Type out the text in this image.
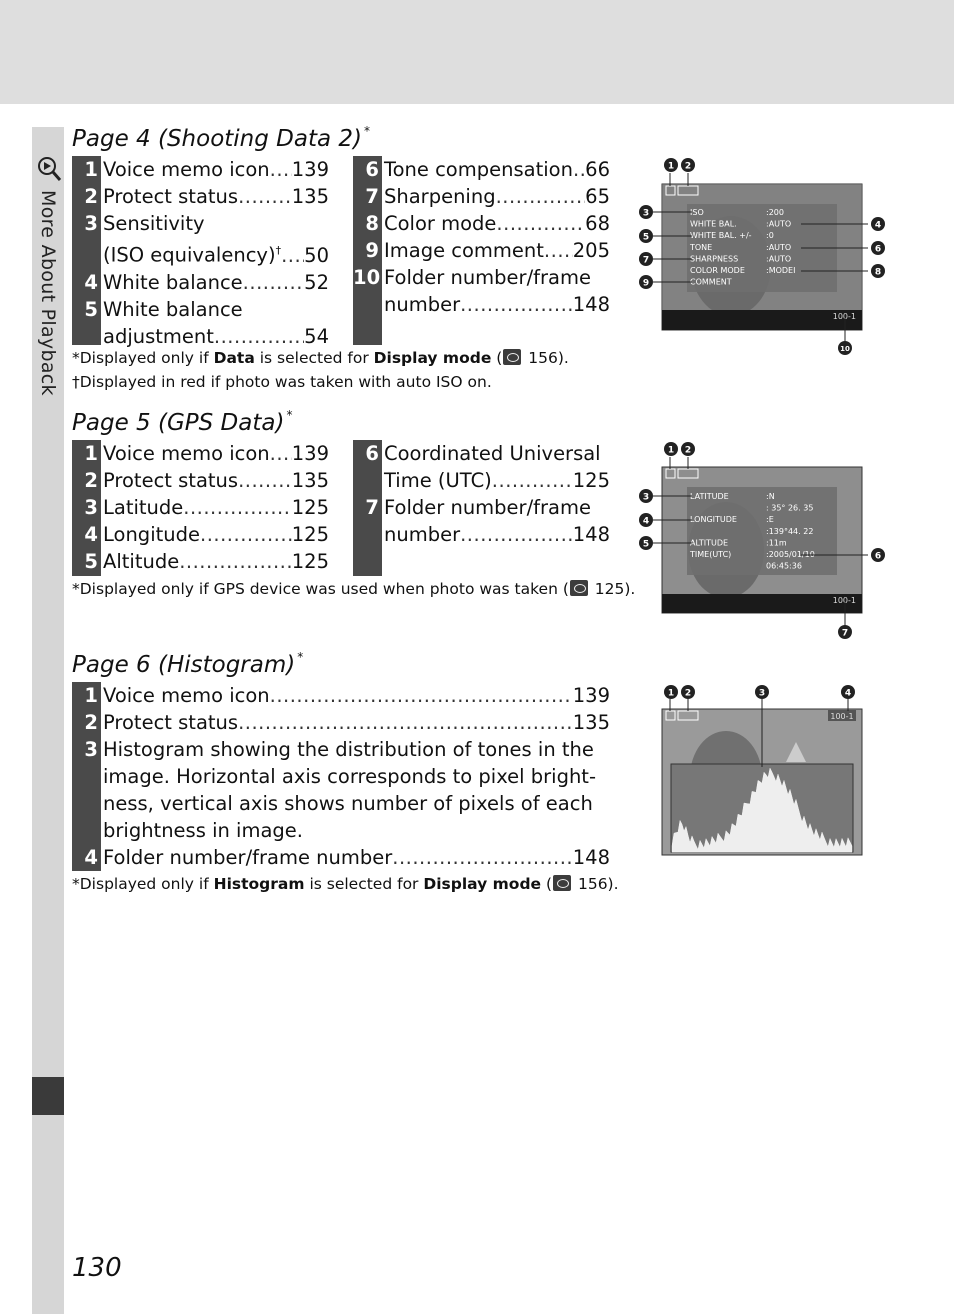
More About Playback
Page 4 (Shooting Data 2) *
1 Voice memo icon ..... 139
2 Protect status .....	135
3 Sensitivity
(ISO equivalency)† ..... 50
4 White balance .....	52
5 White balance
adjustment .....	54
6 Tone compensation ..... 66
7 Sharpening .....	65
8 Color mode .....	68
9 Image comment ..... 205
10 Folder number/frame
number .....	148
*Displayed only if Data is selected for Display mode ( 156).
†Displayed in red if photo was taken with auto ISO on.
ISO	:200
WHITE BAL.	:AUTO
WHITE BAL. +/- :0
TONE	:AUTO
SHARPNESS	:AUTO
COLOR MODE	:MODEI
COMMENT
100-1
1 2
3
5
7
9
10
4
6
8
Page 5 (GPS Data) *
1 Voice memo icon ..... 139
2 Protect status .....	135
3 Latitude .....	125
4 Longitude .....	125
5 Altitude .....	125
6 Coordinated Universal
Time (UTC) .....	125
7 Folder number/frame
number .....	148
*Displayed only if GPS device was used when photo was taken ( 125).
LATITUDE	:N
: 35° 26. 35
LONGITUDE	:E
:139°44. 22
ALTITUDE	:11m
TIME(UTC)	:2005/01/10
06:45:36
100-1
1 2
3
4
5
7
6
Page 6 (Histogram) *
1 Voice memo icon .....	139
2 Protect status .....	135
3 Histogram showing the distribution of tones in the
image. Horizontal axis corresponds to pixel bright-
ness, vertical axis shows number of pixels of each
brightness in image.
4 Folder number/frame number .....	148
*Displayed only if Histogram is selected for Display mode ( 156).
100-1
1 2	3	4
130
